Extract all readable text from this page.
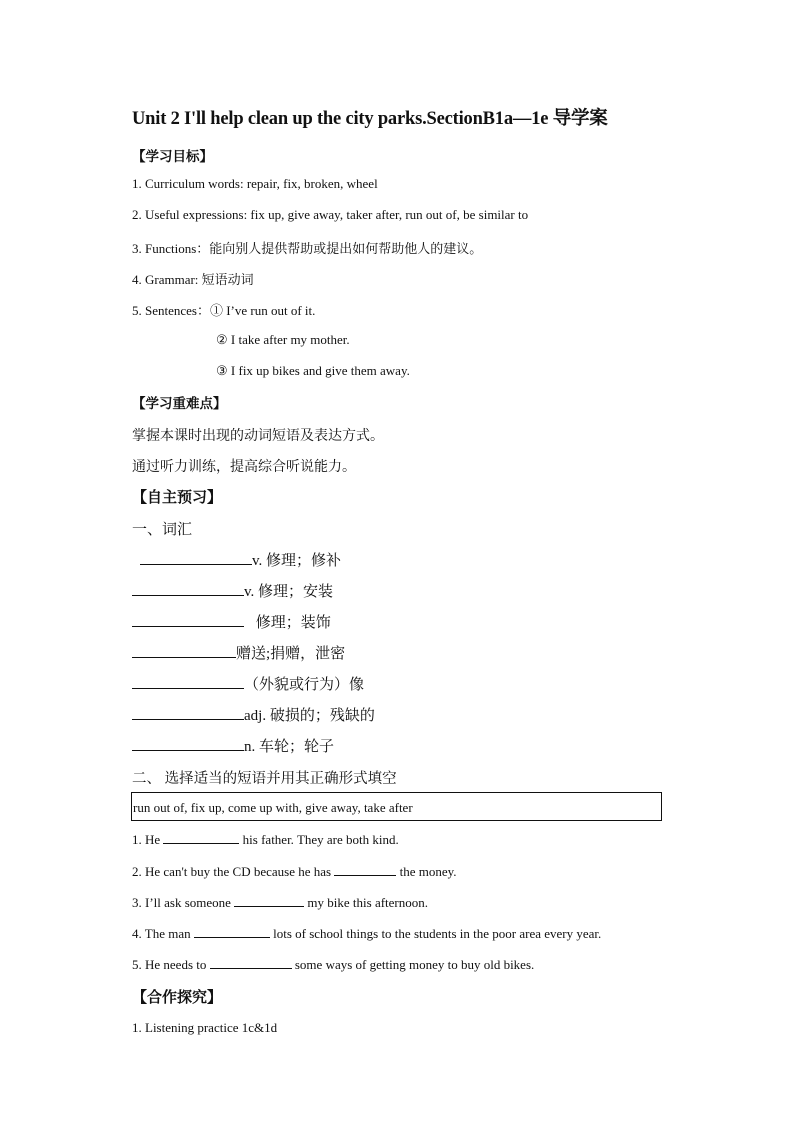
Unit 2 I'll help clean up the city parks.SectionB1a—1e 导学案
【学习目标】
1. Curriculum words: repair, fix, broken, wheel
2. Useful expressions: fix up, give away, taker after, run out of, be similar to
3. Functions：能向别人提供帮助或提出如何帮助他人的建议。
4. Grammar: 短语动词
5. Sentences：① I’ve run out of it.
② I take after my mother.
③ I fix up bikes and give them away.
【学习重难点】
掌握本课时出现的动词短语及表达方式。
通过听力训练，提高综合听说能力。
【自主预习】
一、词汇
v. 修理；修补
v. 修理；安装
修理；装饰
赠送;捐赠，泄密
（外貌或行为）像
adj. 破损的；残缺的
n. 车轮；轮子
二、 选择适当的短语并用其正确形式填空
run out of, fix up, come up with, give away, take after
1. He	his father. They are both kind.
2. He can't buy the CD because he has	the money.
3. I’ll ask someone	my bike this afternoon.
4. The man	lots of school things to the students in the poor area every year.
5. He needs to	some ways of getting money to buy old bikes.
【合作探究】
1. Listening practice 1c&1d
